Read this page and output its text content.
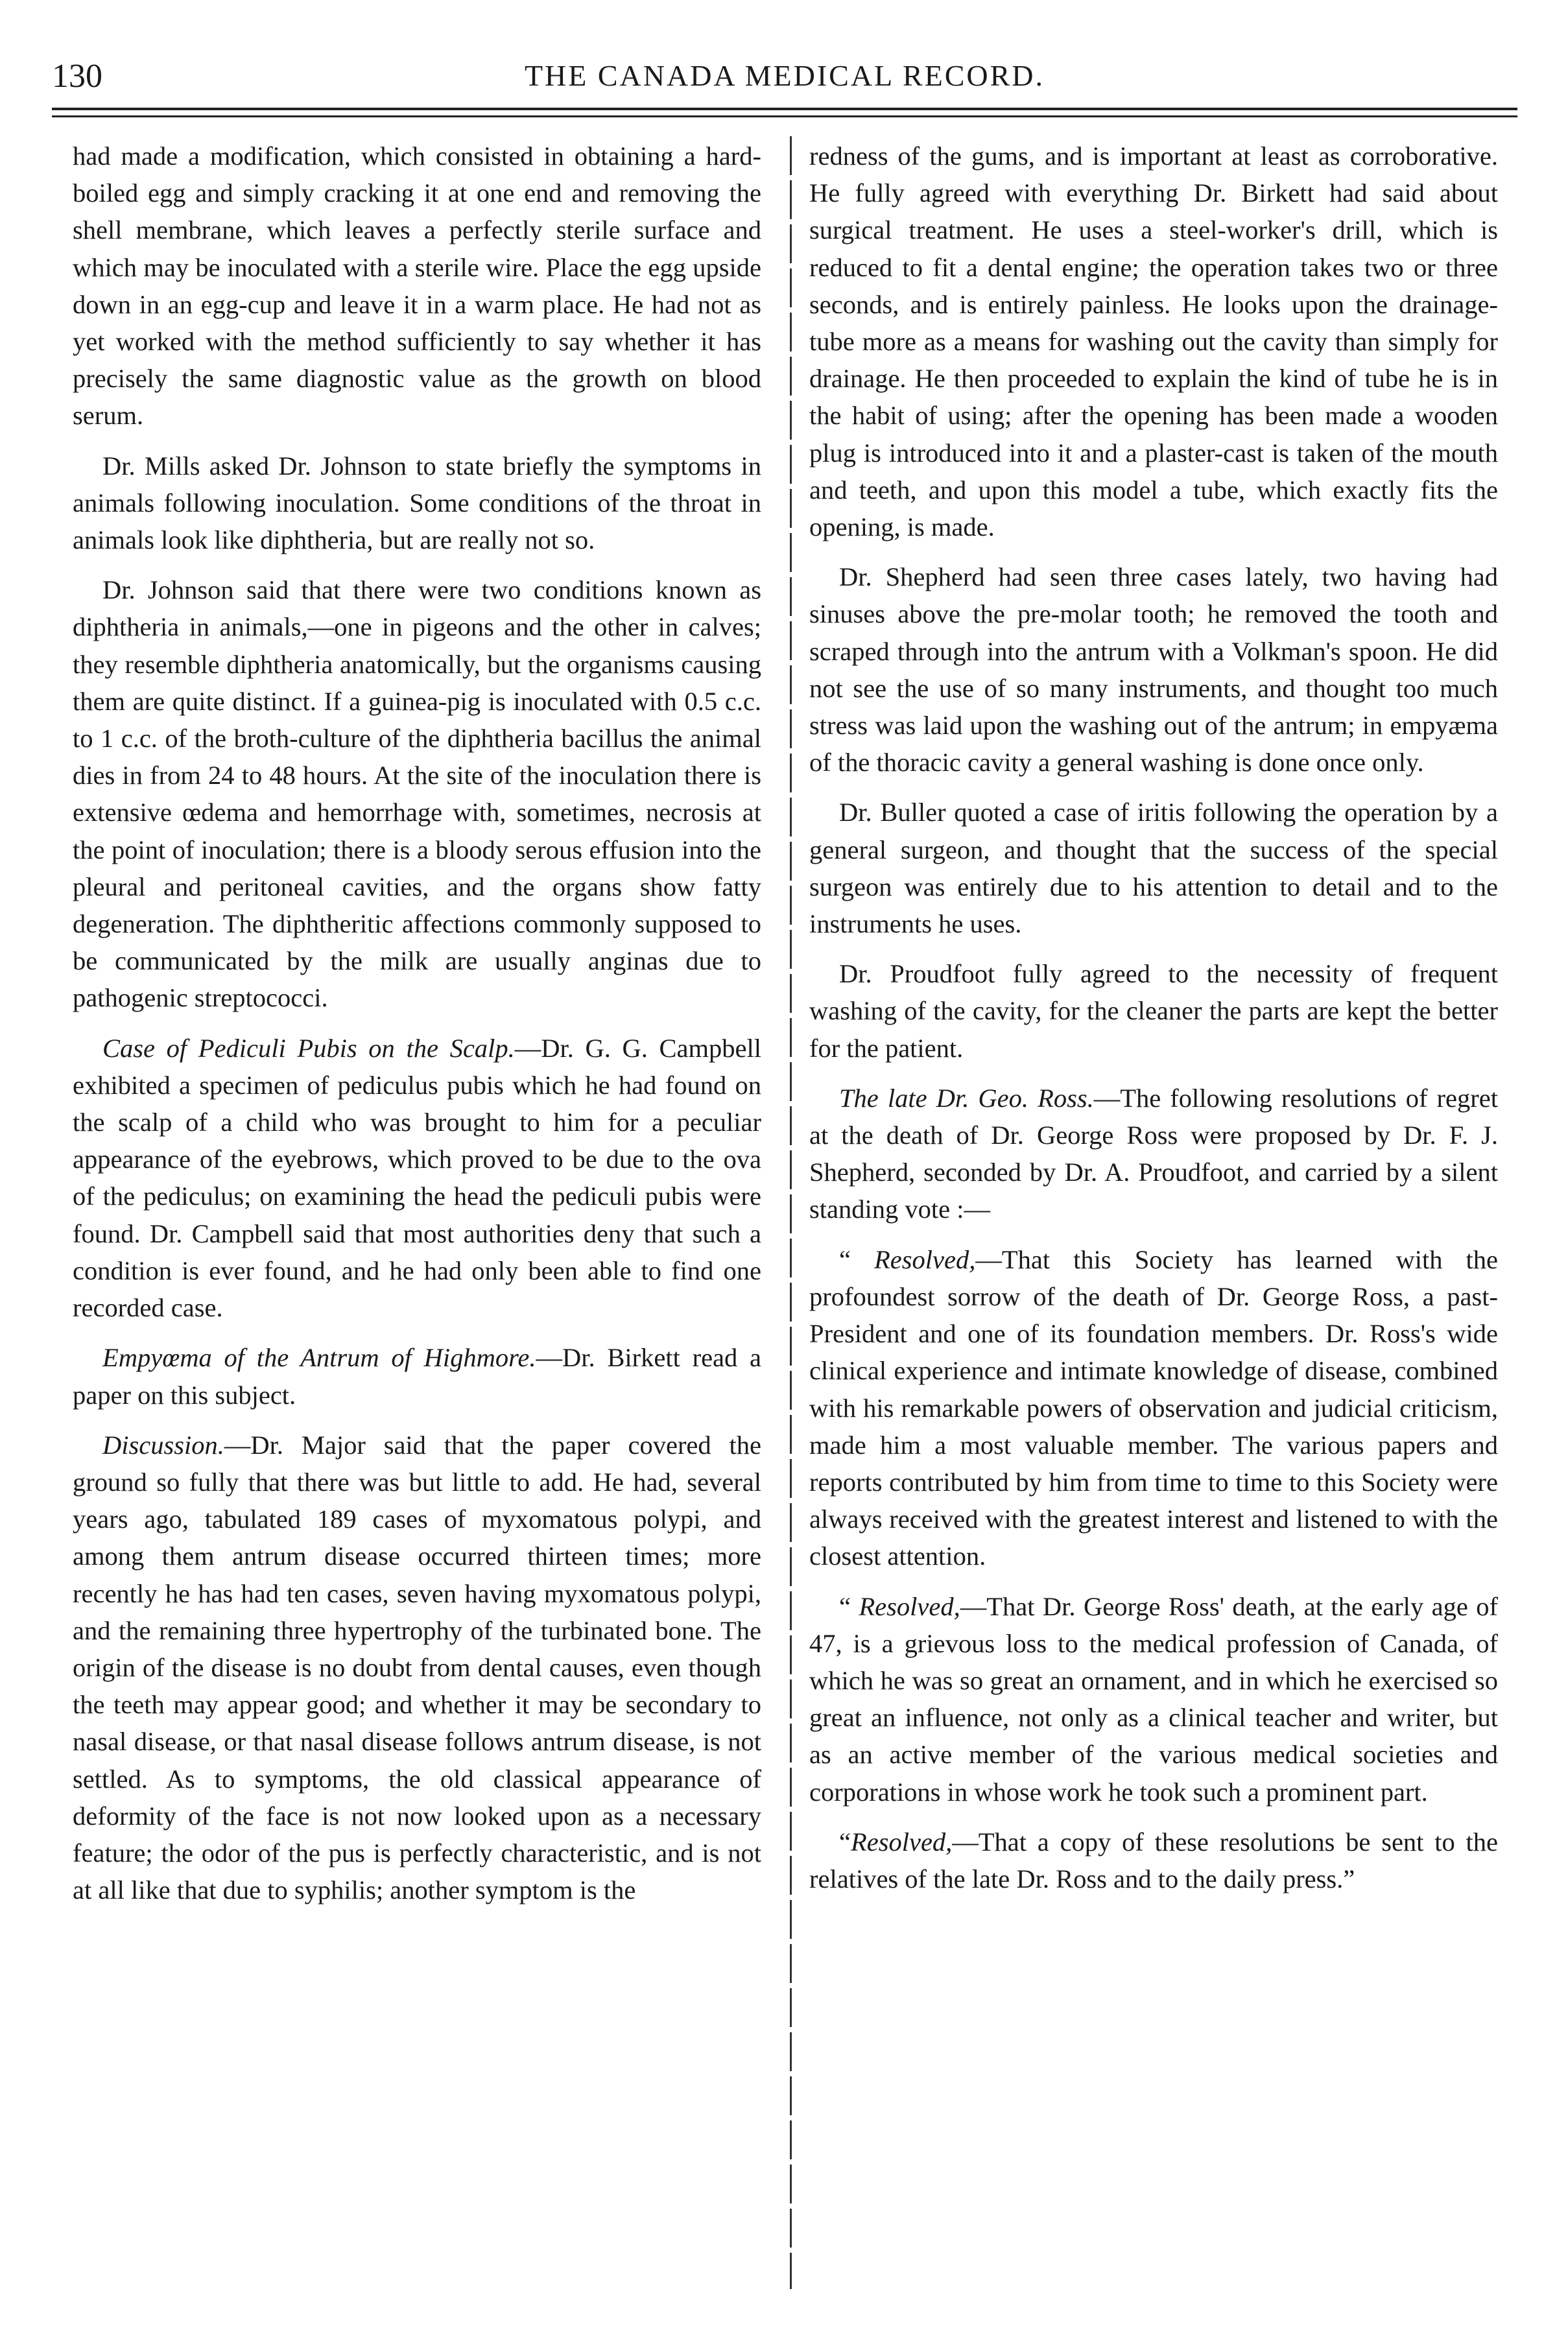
130	THE CANADA MEDICAL RECORD.

had made a modification, which consisted in obtaining a hard-boiled egg and simply cracking it at one end and removing the shell membrane, which leaves a perfectly sterile surface and which may be inoculated with a sterile wire. Place the egg upside down in an egg-cup and leave it in a warm place. He had not as yet worked with the method sufficiently to say whether it has precisely the same diagnostic value as the growth on blood serum.

Dr. Mills asked Dr. Johnson to state briefly the symptoms in animals following inoculation. Some conditions of the throat in animals look like diphtheria, but are really not so.

Dr. Johnson said that there were two conditions known as diphtheria in animals,—one in pigeons and the other in calves; they resemble diphtheria anatomically, but the organisms causing them are quite distinct. If a guinea-pig is inoculated with 0.5 c.c. to 1 c.c. of the broth-culture of the diphtheria bacillus the animal dies in from 24 to 48 hours. At the site of the inoculation there is extensive œdema and hemorrhage with, sometimes, necrosis at the point of inoculation; there is a bloody serous effusion into the pleural and peritoneal cavities, and the organs show fatty degeneration. The diphtheritic affections commonly supposed to be communicated by the milk are usually anginas due to pathogenic streptococci.

Case of Pediculi Pubis on the Scalp.—Dr. G. G. Campbell exhibited a specimen of pediculus pubis which he had found on the scalp of a child who was brought to him for a peculiar appearance of the eyebrows, which proved to be due to the ova of the pediculus; on examining the head the pediculi pubis were found. Dr. Campbell said that most authorities deny that such a condition is ever found, and he had only been able to find one recorded case.

Empyœma of the Antrum of Highmore.—Dr. Birkett read a paper on this subject.

Discussion.—Dr. Major said that the paper covered the ground so fully that there was but little to add. He had, several years ago, tabulated 189 cases of myxomatous polypi, and among them antrum disease occurred thirteen times; more recently he has had ten cases, seven having myxomatous polypi, and the remaining three hypertrophy of the turbinated bone. The origin of the disease is no doubt from dental causes, even though the teeth may appear good; and whether it may be secondary to nasal disease, or that nasal disease follows antrum disease, is not settled. As to symptoms, the old classical appearance of deformity of the face is not now looked upon as a necessary feature; the odor of the pus is perfectly characteristic, and is not at all like that due to syphilis; another symptom is the

redness of the gums, and is important at least as corroborative. He fully agreed with everything Dr. Birkett had said about surgical treatment. He uses a steel-worker's drill, which is reduced to fit a dental engine; the operation takes two or three seconds, and is entirely painless. He looks upon the drainage-tube more as a means for washing out the cavity than simply for drainage. He then proceeded to explain the kind of tube he is in the habit of using; after the opening has been made a wooden plug is introduced into it and a plaster-cast is taken of the mouth and teeth, and upon this model a tube, which exactly fits the opening, is made.

Dr. Shepherd had seen three cases lately, two having had sinuses above the pre-molar tooth; he removed the tooth and scraped through into the antrum with a Volkman's spoon. He did not see the use of so many instruments, and thought too much stress was laid upon the washing out of the antrum; in empyæma of the thoracic cavity a general washing is done once only.

Dr. Buller quoted a case of iritis following the operation by a general surgeon, and thought that the success of the special surgeon was entirely due to his attention to detail and to the instruments he uses.

Dr. Proudfoot fully agreed to the necessity of frequent washing of the cavity, for the cleaner the parts are kept the better for the patient.

The late Dr. Geo. Ross.—The following resolutions of regret at the death of Dr. George Ross were proposed by Dr. F. J. Shepherd, seconded by Dr. A. Proudfoot, and carried by a silent standing vote :—

“ Resolved,—That this Society has learned with the profoundest sorrow of the death of Dr. George Ross, a past-President and one of its foundation members. Dr. Ross's wide clinical experience and intimate knowledge of disease, combined with his remarkable powers of observation and judicial criticism, made him a most valuable member. The various papers and reports contributed by him from time to time to this Society were always received with the greatest interest and listened to with the closest attention.

“ Resolved,—That Dr. George Ross' death, at the early age of 47, is a grievous loss to the medical profession of Canada, of which he was so great an ornament, and in which he exercised so great an influence, not only as a clinical teacher and writer, but as an active member of the various medical societies and corporations in whose work he took such a prominent part.

“Resolved,—That a copy of these resolutions be sent to the relatives of the late Dr. Ross and to the daily press.”
